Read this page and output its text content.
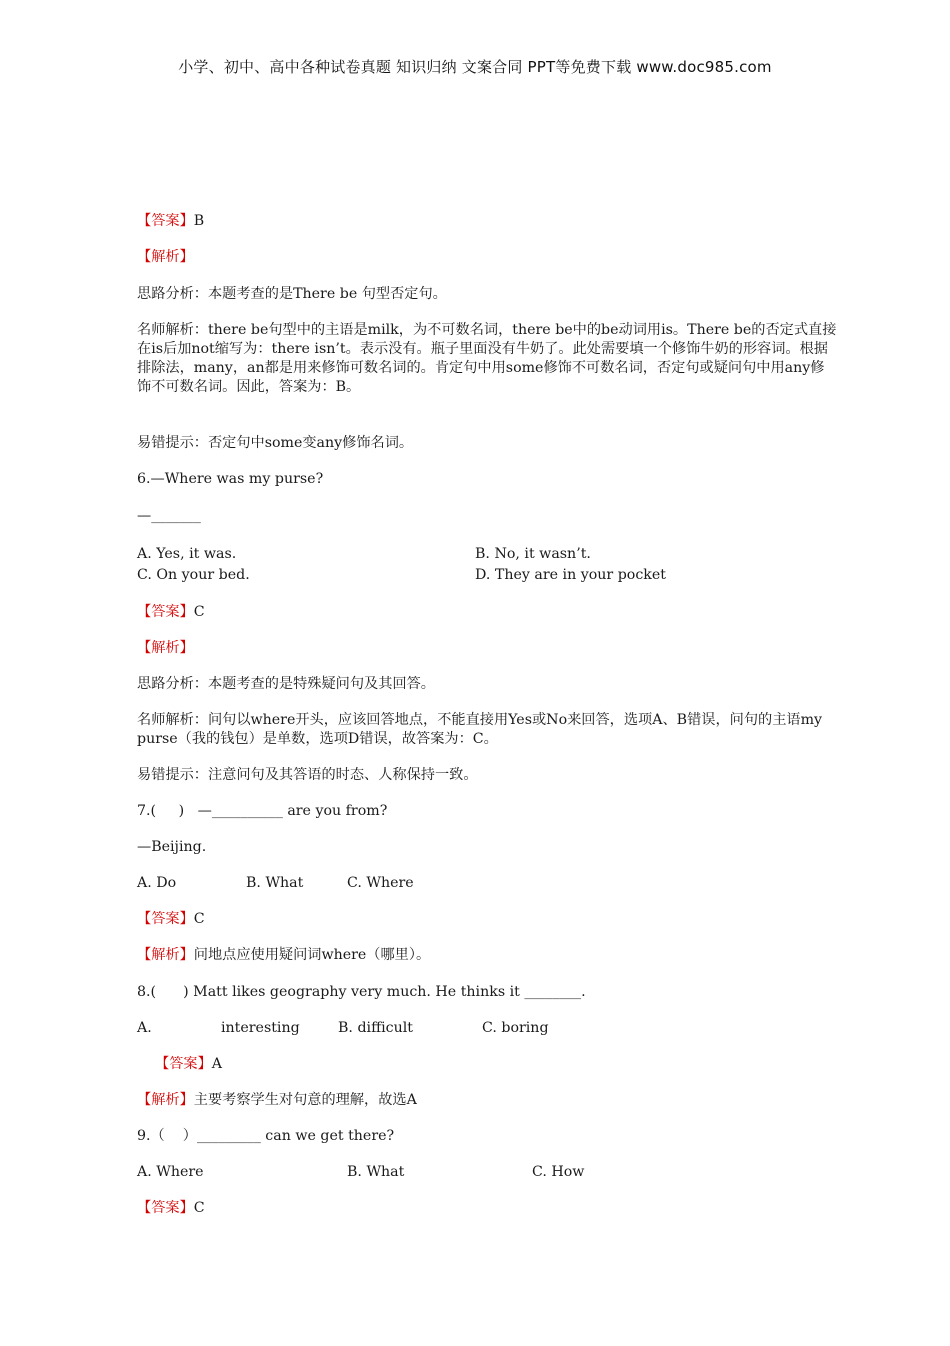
小学、初中、高中各种试卷真题 知识归纳 文案合同 PPT等免费下载 www.doc985.com
【答案】B
【解析】
思路分析：本题考查的是There be 句型否定句。
名师解析：there be句型中的主语是milk，为不可数名词，there be中的be动词用is。There be的否定式直接在is后加not缩写为：there isn’t。表示没有。瓶子里面没有牛奶了。此处需要填一个修饰牛奶的形容词。根据排除法，many，an都是用来修饰可数名词的。肯定句中用some修饰不可数名词，否定句或疑问句中用any修饰不可数名词。因此，答案为：B。
易错提示：否定句中some变any修饰名词。
6.—Where was my purse?
—_______
A. Yes, it was.	B. No, it wasn’t.
C. On your bed.	D. They are in your pocket
【答案】C
【解析】
思路分析：本题考查的是特殊疑问句及其回答。
名师解析：问句以where开头，应该回答地点，不能直接用Yes或No来回答，选项A、B错误，问句的主语my purse（我的钱包）是单数，选项D错误，故答案为：C。
易错提示：注意问句及其答语的时态、人称保持一致。
7.(     )   —__________ are you from?
—Beijing.
A. Do	B. What	C. Where
【答案】C
【解析】问地点应使用疑问词where（哪里）。
8.(      ) Matt likes geography very much. He thinks it ________.
A.	interesting	B. difficult	C. boring
【答案】A
【解析】主要考察学生对句意的理解，故选A
9.（    ）_________ can we get there?
A. Where	B. What	C. How
【答案】C
